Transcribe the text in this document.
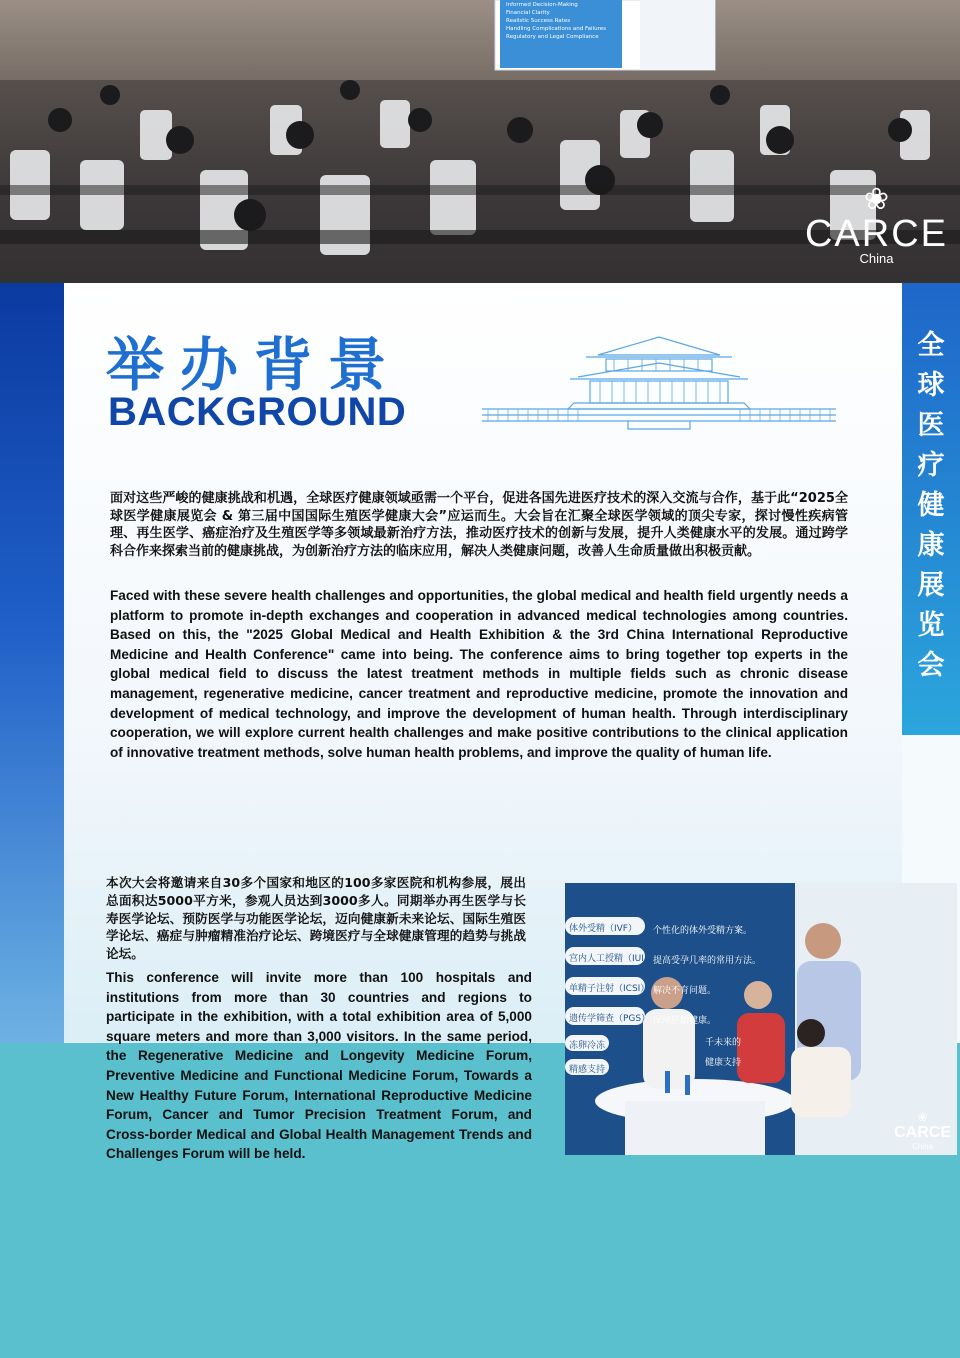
Informed Decision-Making
Financial Clarity
Realistic Success Rates
Handling Complications and Failures
Regulatory and Legal Compliance
❀
CARCE
China
全
球
医
疗
健
康
展
览
会
举办背景
BACKGROUND
面对这些严峻的健康挑战和机遇，全球医疗健康领域亟需一个平台，促进各国先进医疗技术的深入交流与合作，基于此“2025全球医学健康展览会 & 第三届中国国际生殖医学健康大会”应运而生。大会旨在汇聚全球医学领域的顶尖专家，探讨慢性疾病管理、再生医学、癌症治疗及生殖医学等多领域最新治疗方法，推动医疗技术的创新与发展，提升人类健康水平的发展。通过跨学科合作来探索当前的健康挑战，为创新治疗方法的临床应用，解决人类健康问题，改善人生命质量做出积极贡献。
Faced with these severe health challenges and opportunities, the global medical and health field urgently needs a platform to promote in-depth exchanges and cooperation in advanced medical technologies among countries. Based on this, the "2025 Global Medical and Health Exhibition & the 3rd China International Reproductive Medicine and Health Conference" came into being. The conference aims to bring together top experts in the global medical field to discuss the latest treatment methods in multiple fields such as chronic disease management, regenerative medicine, cancer treatment and reproductive medicine, promote the innovation and development of medical technology, and improve the development of human health. Through interdisciplinary cooperation, we will explore current health challenges and make positive contributions to the clinical application of innovative treatment methods, solve human health problems, and improve the quality of human life.
本次大会将邀请来自30多个国家和地区的100多家医院和机构参展，展出总面积达5000平方米，参观人员达到3000多人。同期举办再生医学与长寿医学论坛、预防医学与功能医学论坛，迈向健康新未来论坛、国际生殖医学论坛、癌症与肿瘤精准治疗论坛、跨境医疗与全球健康管理的趋势与挑战论坛。
This conference will invite more than 100 hospitals and institutions from more than 30 countries and regions to participate in the exhibition, with a total exhibition area of 5,000 square meters and more than 3,000 visitors. In the same period, the Regenerative Medicine and Longevity Medicine Forum, Preventive Medicine and Functional Medicine Forum, Towards a New Healthy Future Forum, International Reproductive Medicine Forum, Cancer and Tumor Precision Treatment Forum, and Cross-border Medical and Global Health Management Trends and Challenges Forum will be held.
体外受精（IVF）
宫内人工授精（IUI）
单精子注射（ICSI）
遗传学筛查（PGS）
冻卵冷冻
精感支持
个性化的体外受精方案。
提高受孕几率的常用方法。
解决不育问题。
保障胚胎健康。
千未来的
健康支持
❀
CARCE
China
